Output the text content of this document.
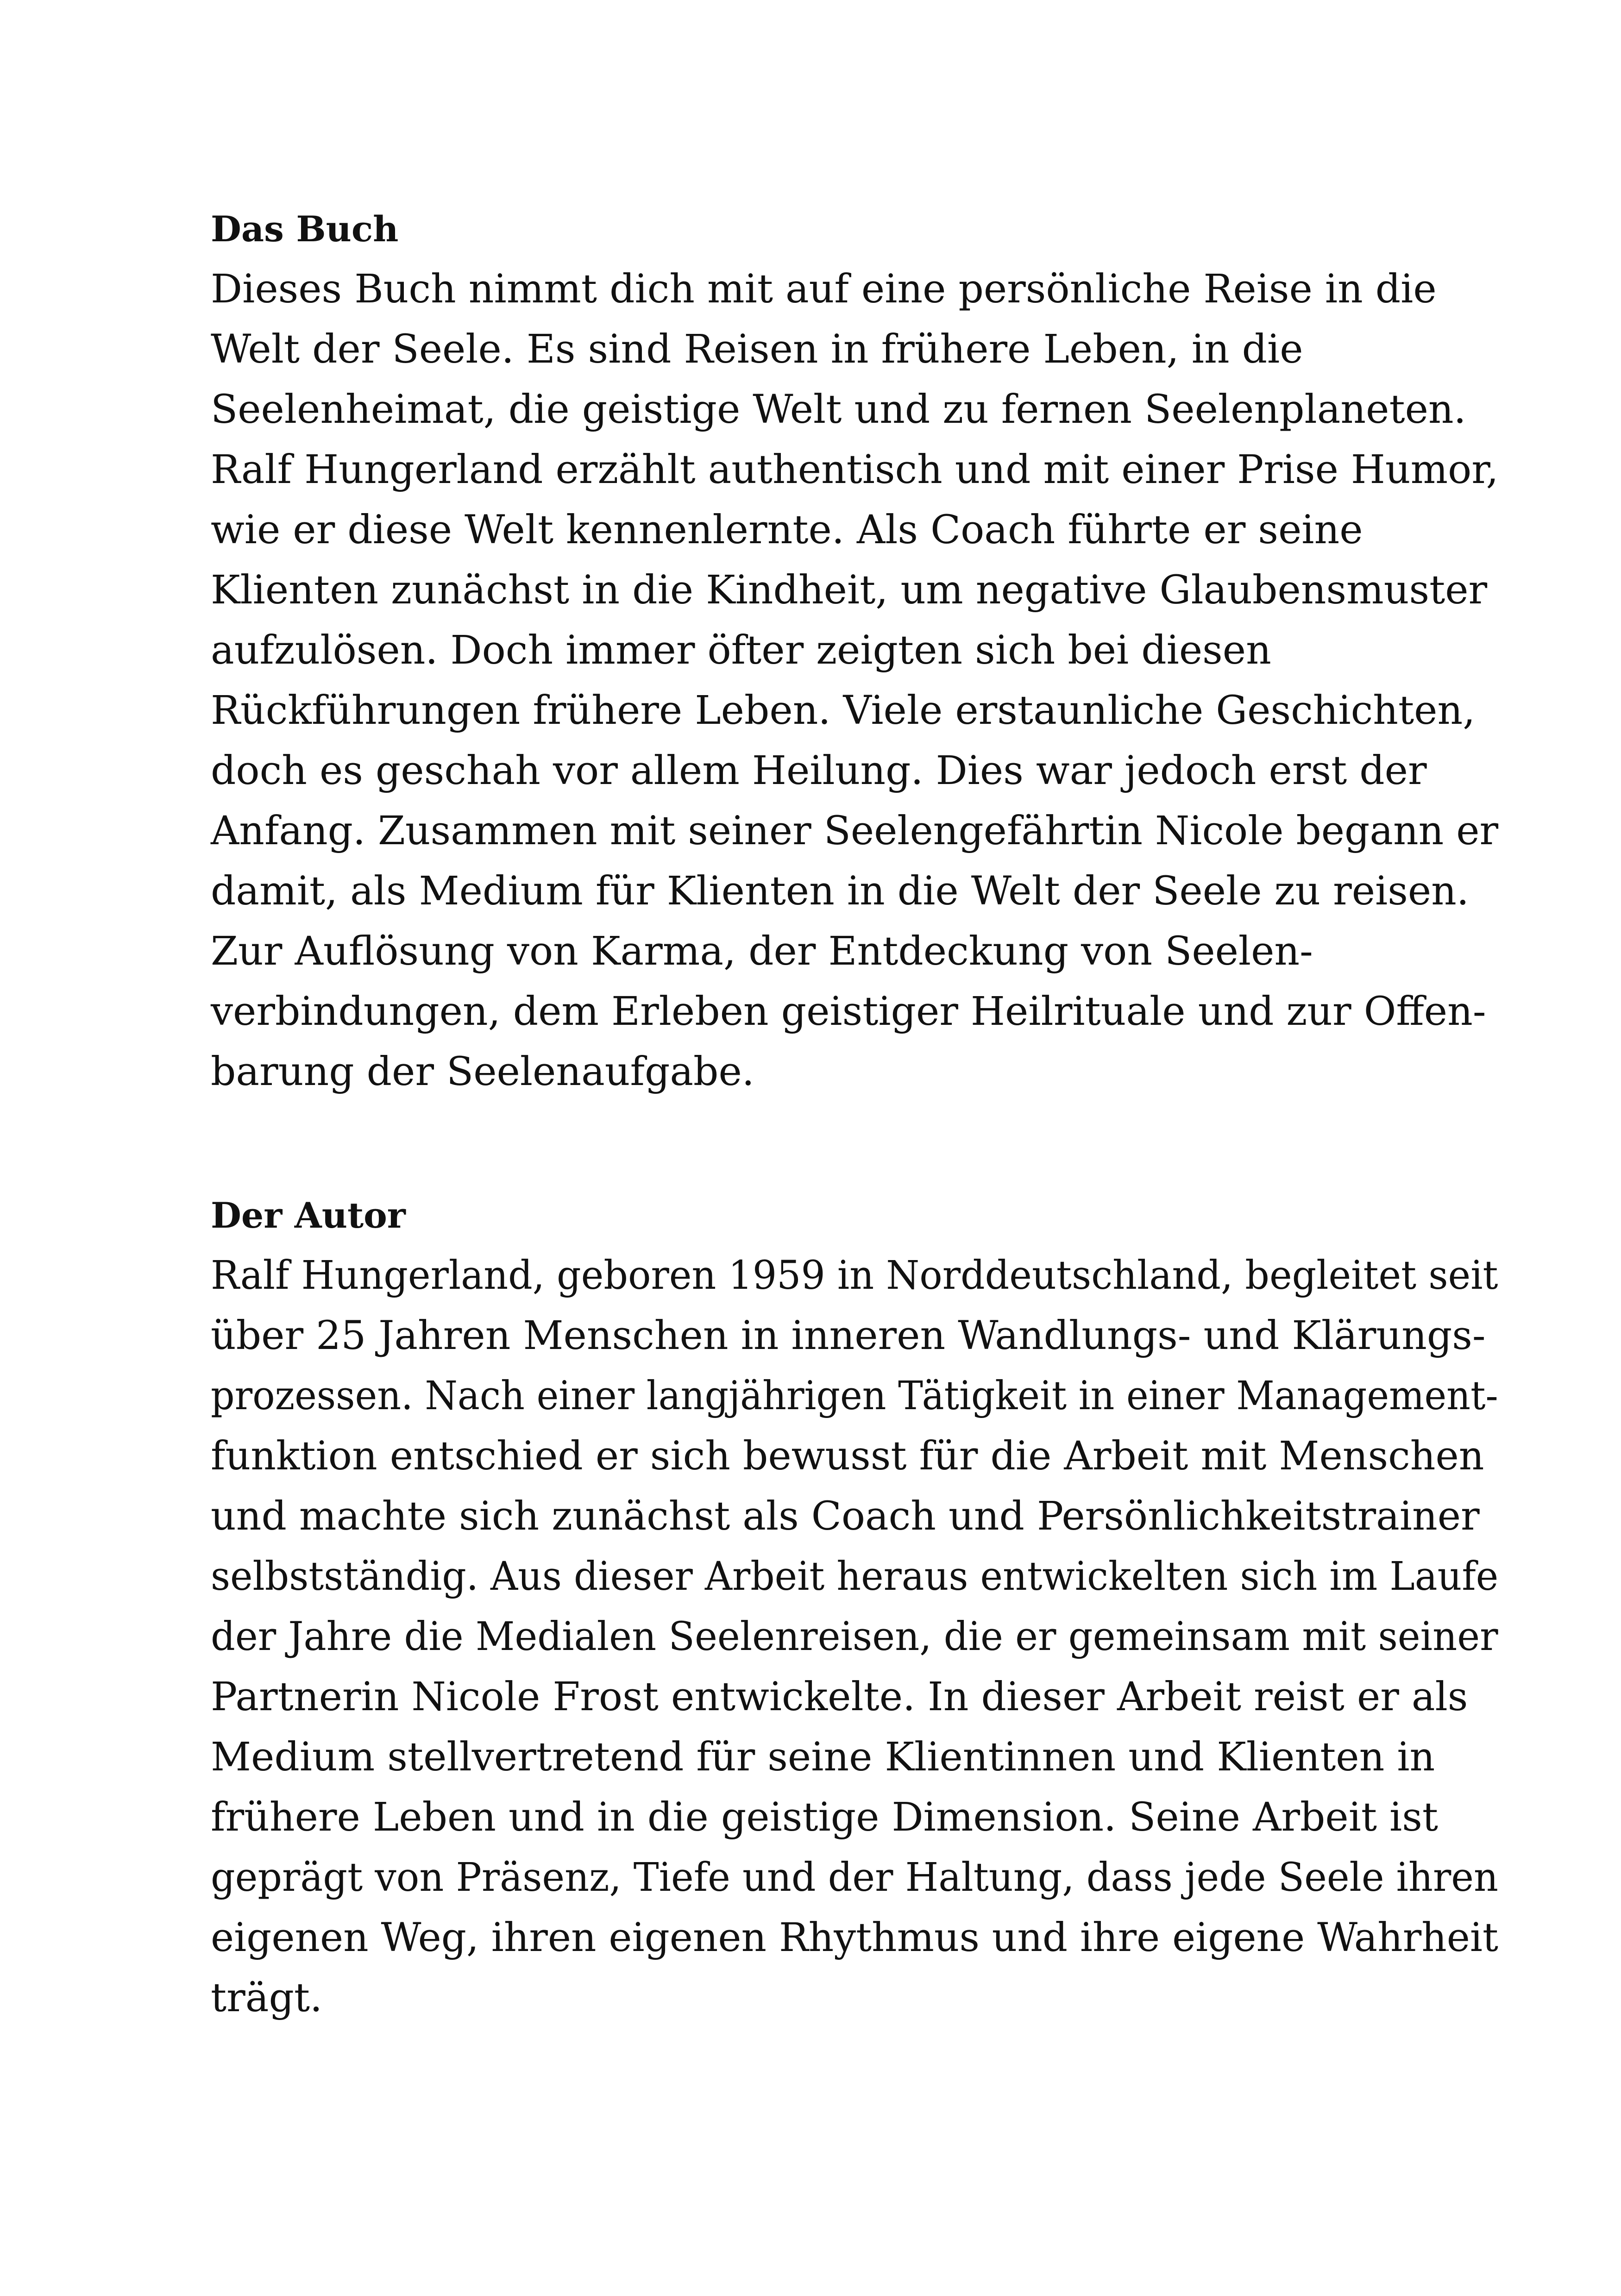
Das Buch

Dieses Buch nimmt dich mit auf eine persönliche Reise in die

Welt der Seele. Es sind Reisen in frühere Leben, in die

Seelenheimat, die geistige Welt und zu fernen Seelenplaneten.

Ralf Hungerland erzählt authentisch und mit einer Prise Humor,

wie er diese Welt kennenlernte. Als Coach führte er seine

Klienten zunächst in die Kindheit, um negative Glaubensmuster

aufzulösen. Doch immer öfter zeigten sich bei diesen

Rückführungen frühere Leben. Viele erstaunliche Geschichten,

doch es geschah vor allem Heilung. Dies war jedoch erst der

Anfang. Zusammen mit seiner Seelengefährtin Nicole begann er

damit, als Medium für Klienten in die Welt der Seele zu reisen.

Zur Auflösung von Karma, der Entdeckung von Seelen-

verbindungen, dem Erleben geistiger Heilrituale und zur Offen-

barung der Seelenaufgabe.

Der Autor

Ralf Hungerland, geboren 1959 in Norddeutschland, begleitet seit

über 25 Jahren Menschen in inneren Wandlungs- und Klärungs-

prozessen. Nach einer langjährigen Tätigkeit in einer Management-

funktion entschied er sich bewusst für die Arbeit mit Menschen

und machte sich zunächst als Coach und Persönlichkeitstrainer

selbstständig. Aus dieser Arbeit heraus entwickelten sich im Laufe

der Jahre die Medialen Seelenreisen, die er gemeinsam mit seiner

Partnerin Nicole Frost entwickelte. In dieser Arbeit reist er als

Medium stellvertretend für seine Klientinnen und Klienten in

frühere Leben und in die geistige Dimension. Seine Arbeit ist

geprägt von Präsenz, Tiefe und der Haltung, dass jede Seele ihren

eigenen Weg, ihren eigenen Rhythmus und ihre eigene Wahrheit

trägt.
